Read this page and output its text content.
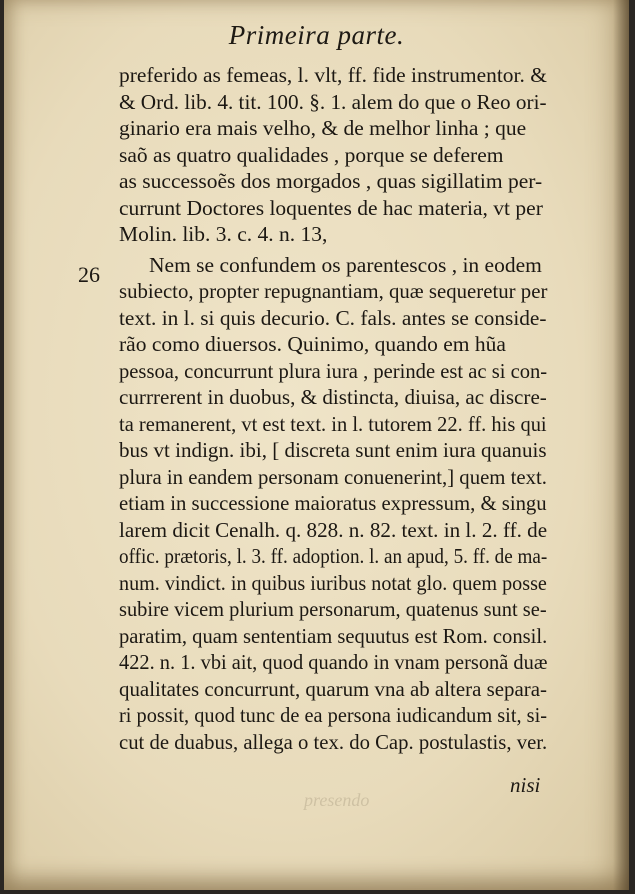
presendo
Primeira parte.
26
preferido as femeas, l. vlt, ff. fide instrumentor. &
& Ord. lib. 4. tit. 100. §. 1. alem do que o Reo ori-
ginario era mais velho, & de melhor linha ; que
saõ as quatro qualidades , porque se deferem
as successoẽs dos morgados , quas sigillatim per-
currunt Doctores loquentes de hac materia, vt per
Molin. lib. 3. c. 4. n. 13,
Nem se confundem os parentescos , in eodem
subiecto, propter repugnantiam, quæ sequeretur per
text. in l. si quis decurio. C. fals. antes se conside-
rão como diuersos. Quinimo, quando em hũa
pessoa, concurrunt plura iura , perinde est ac si con-
currrerent in duobus, & distincta, diuisa, ac discre-
ta remanerent, vt est text. in l. tutorem 22. ff. his qui
bus vt indign. ibi, [ discreta sunt enim iura quanuis
plura in eandem personam conuenerint,] quem text.
etiam in successione maioratus expressum, & singu
larem dicit Cenalh. q. 828. n. 82. text. in l. 2. ff. de
offic. prætoris, l. 3. ff. adoption. l. an apud, 5. ff. de ma-
num. vindict. in quibus iuribus notat glo. quem posse
subire vicem plurium personarum, quatenus sunt se-
paratim, quam sententiam sequutus est Rom. consil.
422. n. 1. vbi ait, quod quando in vnam personã duæ
qualitates concurrunt, quarum vna ab altera separa-
ri possit, quod tunc de ea persona iudicandum sit, si-
cut de duabus, allega o tex. do Cap. postulastis, ver.
nisi
